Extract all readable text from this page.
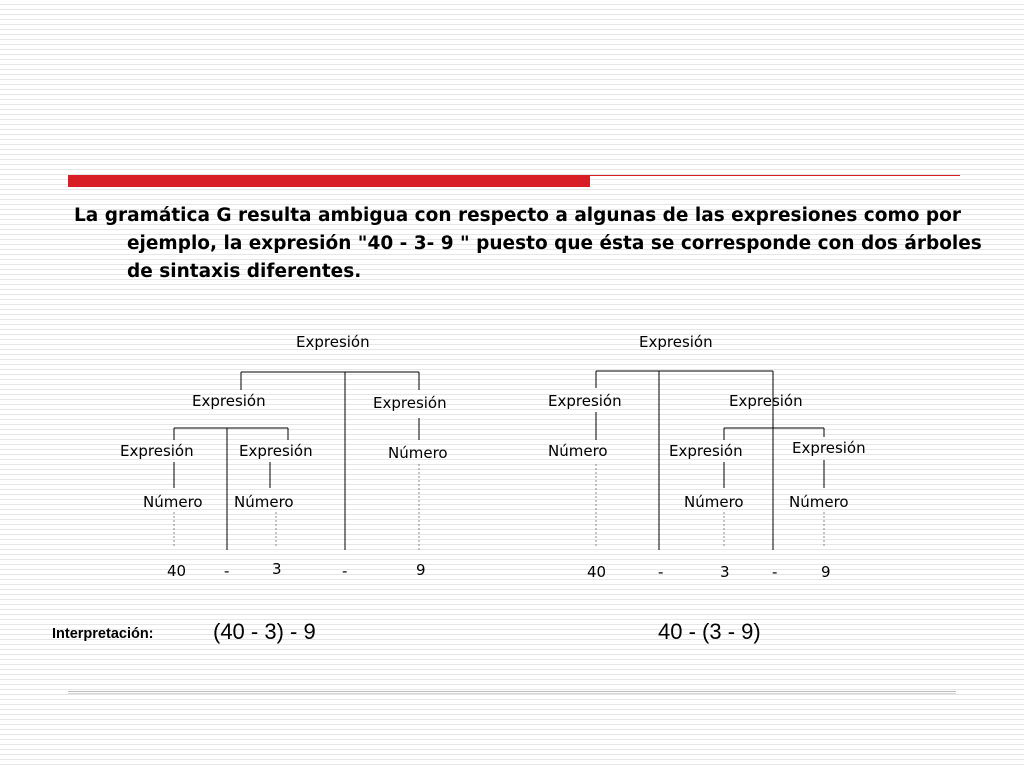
La gramática G resulta ambigua con respecto a algunas de las expresiones como por ejemplo, la expresión "40 - 3- 9 " puesto que ésta se corresponde con dos árboles de sintaxis diferentes.
Expresión
Expresión	Expresión
Expresión	Expresión	Número
Número Número
40	-	3	-	9
Expresión
Expresión	Expresión
Número	Expresión	Expresión
Número	Número
40	-	3	-	9
Interpretación:	(40 - 3) - 9	40 - (3 - 9)
